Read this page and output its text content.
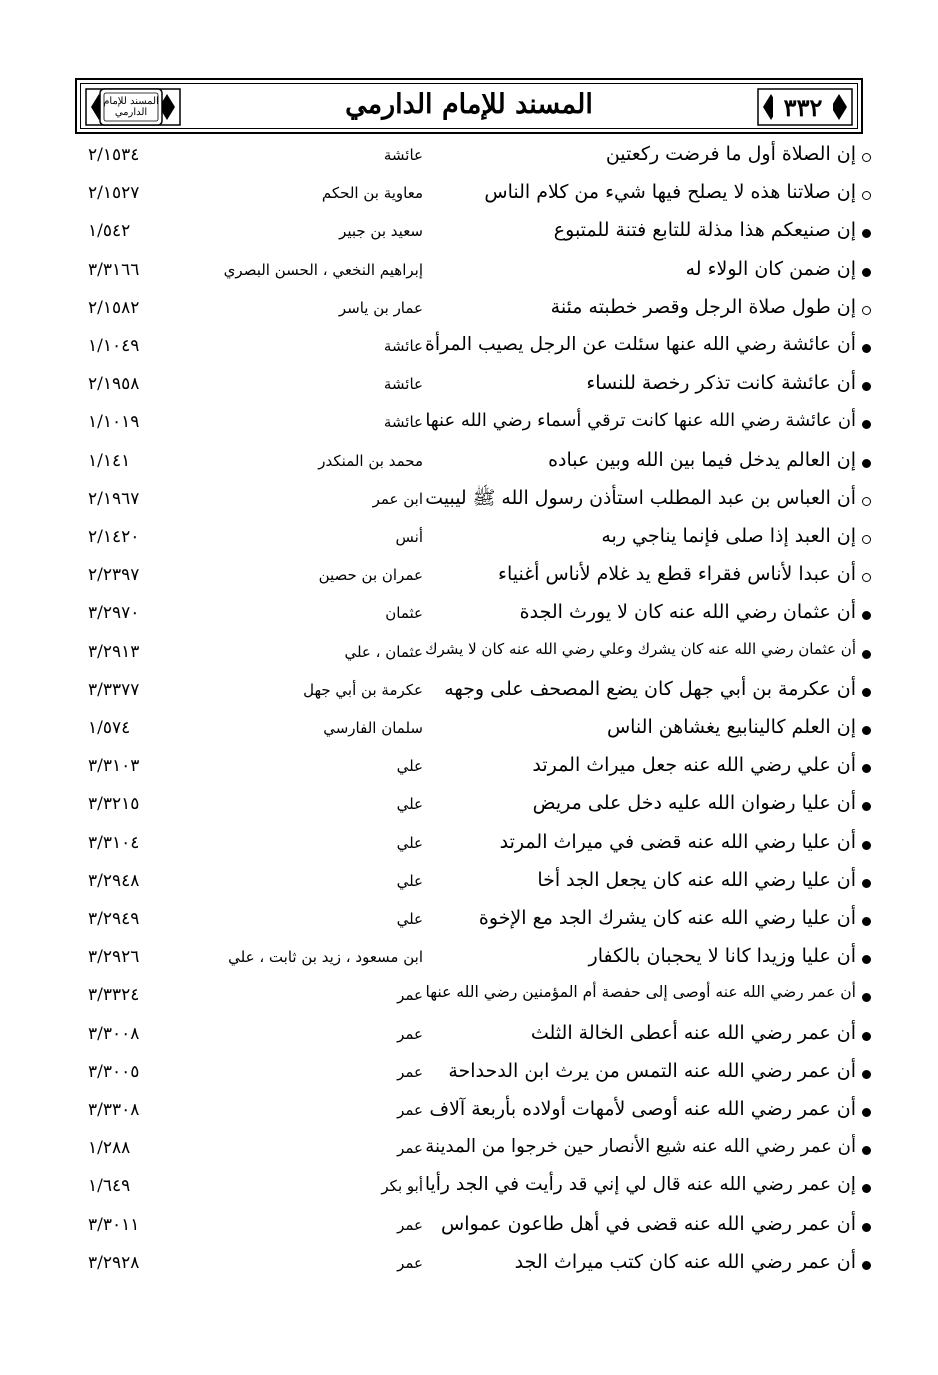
٣٣٢
المسند للإمام الدارمي
المسند للإمام الدارمي
إن الصلاة أول ما فرضت ركعتين
عائشة
٢/١٥٣٤
إن صلاتنا هذه لا يصلح فيها شيء من كلام الناس
معاوية بن الحكم
٢/١٥٢٧
إن صنيعكم هذا مذلة للتابع فتنة للمتبوع
سعيد بن جبير
١/٥٤٢
إن ضمن كان الولاء له
إبراهيم النخعي ، الحسن البصري
٣/٣١٦٦
إن طول صلاة الرجل وقصر خطبته مئنة
عمار بن ياسر
٢/١٥٨٢
أن عائشة رضي الله عنها سئلت عن الرجل يصيب المرأة
عائشة
١/١٠٤٩
أن عائشة كانت تذكر رخصة للنساء
عائشة
٢/١٩٥٨
أن عائشة رضي الله عنها كانت ترقي أسماء رضي الله عنها
عائشة
١/١٠١٩
إن العالم يدخل فيما بين الله وبين عباده
محمد بن المنكدر
١/١٤١
أن العباس بن عبد المطلب استأذن رسول الله ﷺ ليبيت
ابن عمر
٢/١٩٦٧
إن العبد إذا صلى فإنما يناجي ربه
أنس
٢/١٤٢٠
أن عبدا لأناس فقراء قطع يد غلام لأناس أغنياء
عمران بن حصين
٢/٢٣٩٧
أن عثمان رضي الله عنه كان لا يورث الجدة
عثمان
٣/٢٩٧٠
أن عثمان رضي الله عنه كان يشرك وعلي رضي الله عنه كان لا يشرك
عثمان ، علي
٣/٢٩١٣
أن عكرمة بن أبي جهل كان يضع المصحف على وجهه
عكرمة بن أبي جهل
٣/٣٣٧٧
إن العلم كالينابيع يغشاهن الناس
سلمان الفارسي
١/٥٧٤
أن علي رضي الله عنه جعل ميراث المرتد
علي
٣/٣١٠٣
أن عليا رضوان الله عليه دخل على مريض
علي
٣/٣٢١٥
أن عليا رضي الله عنه قضى في ميراث المرتد
علي
٣/٣١٠٤
أن عليا رضي الله عنه كان يجعل الجد أخا
علي
٣/٢٩٤٨
أن عليا رضي الله عنه كان يشرك الجد مع الإخوة
علي
٣/٢٩٤٩
أن عليا وزيدا كانا لا يحجبان بالكفار
ابن مسعود ، زيد بن ثابت ، علي
٣/٢٩٢٦
أن عمر رضي الله عنه أوصى إلى حفصة أم المؤمنين رضي الله عنها
عمر
٣/٣٣٢٤
أن عمر رضي الله عنه أعطى الخالة الثلث
عمر
٣/٣٠٠٨
أن عمر رضي الله عنه التمس من يرث ابن الدحداحة
عمر
٣/٣٠٠٥
أن عمر رضي الله عنه أوصى لأمهات أولاده بأربعة آلاف
عمر
٣/٣٣٠٨
أن عمر رضي الله عنه شيع الأنصار حين خرجوا من المدينة
عمر
١/٢٨٨
إن عمر رضي الله عنه قال لي إني قد رأيت في الجد رأيا
أبو بكر
١/٦٤٩
أن عمر رضي الله عنه قضى في أهل طاعون عمواس
عمر
٣/٣٠١١
أن عمر رضي الله عنه كان كتب ميراث الجد
عمر
٣/٢٩٢٨
